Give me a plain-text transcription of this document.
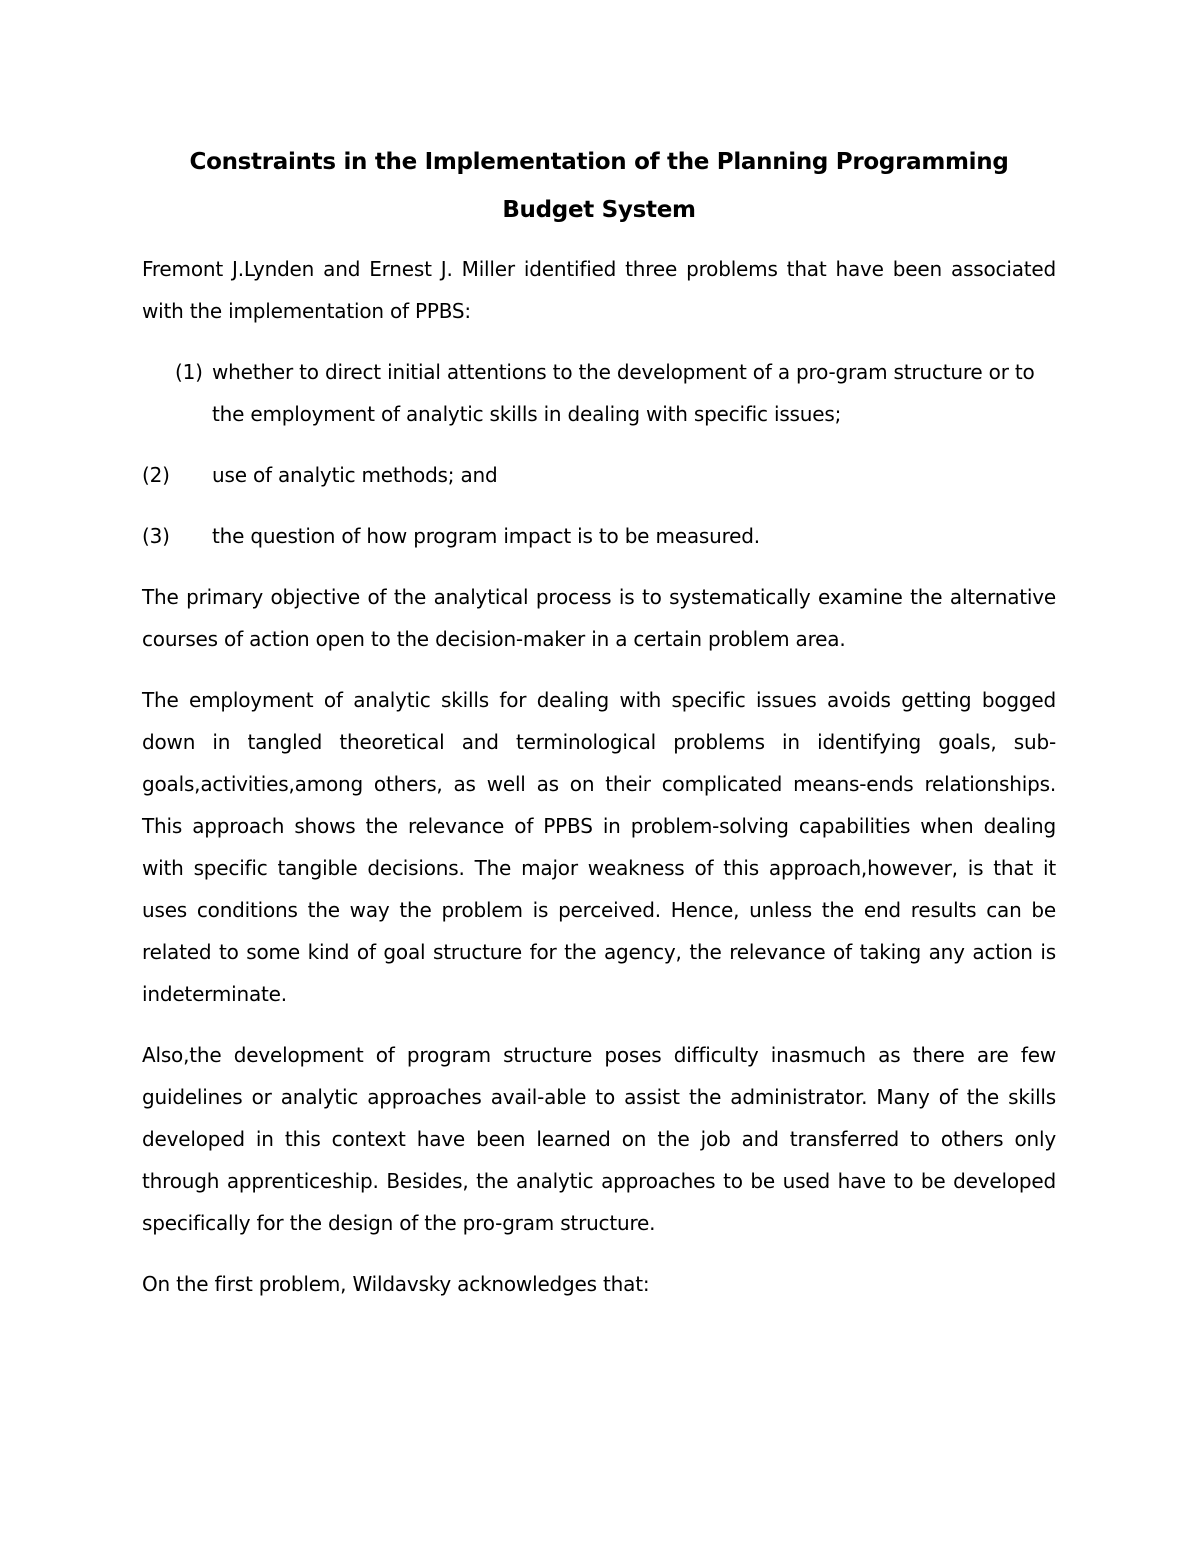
Constraints in the Implementation of the Planning Programming Budget System

Fremont J.Lynden and Ernest J. Miller identified three problems that have been associated with the implementation of PPBS:

(1) whether to direct initial attentions to the development of a pro-gram structure or to the employment of analytic skills in dealing with specific issues;
(2)	use of analytic methods; and
(3)	the question of how program impact is to be measured.

The primary objective of the analytical process is to systematically examine the alternative courses of action open to the decision-maker in a certain problem area.

The employment of analytic skills for dealing with specific issues avoids getting bogged down in tangled theoretical and terminological problems in identifying goals, sub-goals,activities,among others, as well as on their complicated means-ends relationships. This approach shows the relevance of PPBS in problem-solving capabilities when dealing with specific tangible decisions. The major weakness of this approach,however, is that it uses conditions the way the problem is perceived. Hence, unless the end results can be related to some kind of goal structure for the agency, the relevance of taking any action is indeterminate.

Also,the development of program structure poses difficulty inasmuch as there are few guidelines or analytic approaches avail-able to assist the administrator. Many of the skills developed in this context have been learned on the job and transferred to others only through apprenticeship. Besides, the analytic approaches to be used have to be developed specifically for the design of the pro-gram structure.

On the first problem, Wildavsky acknowledges that:
